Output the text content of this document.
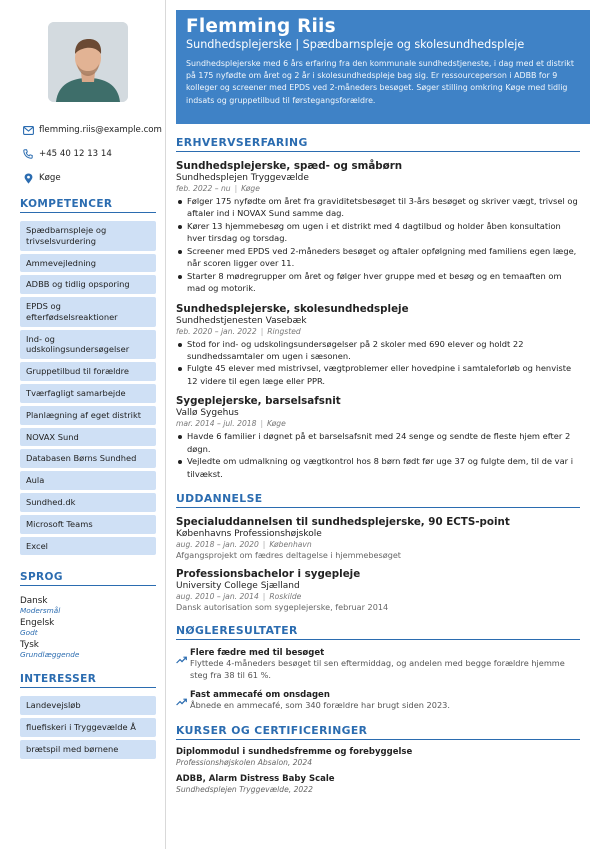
flemming.riis@example.com
+45 40 12 13 14
Køge
KOMPETENCER
Spædbarnspleje og trivselsvurdering
Ammevejledning
ADBB og tidlig opsporing
EPDS og efterfødselsreaktioner
Ind- og udskolingsundersøgelser
Gruppetilbud til forældre
Tværfagligt samarbejde
Planlægning af eget distrikt
NOVAX Sund
Databasen Børns Sundhed
Aula
Sundhed.dk
Microsoft Teams
Excel
SPROG
Dansk
Modersmål
Engelsk
Godt
Tysk
Grundlæggende
INTERESSER
Landevejsløb
fluefiskeri i Tryggevælde Å
brætspil med børnene
Flemming Riis
Sundhedsplejerske | Spædbarnspleje og skolesundhedspleje
Sundhedsplejerske med 6 års erfaring fra den kommunale sundhedstjeneste, i dag med et distrikt på 175 nyfødte om året og 2 år i skolesundhedspleje bag sig. Er ressourceperson i ADBB for 9 kolleger og screener med EPDS ved 2-måneders besøget. Søger stilling omkring Køge med tidlig indsats og gruppetilbud til førstegangsforældre.
ERHVERVSERFARING
Sundhedsplejerske, spæd- og småbørn
Sundhedsplejen Tryggevælde
feb. 2022 – nu | Køge
Følger 175 nyfødte om året fra graviditetsbesøget til 3-års besøget og skriver vægt, trivsel og aftaler ind i NOVAX Sund samme dag.
Kører 13 hjemmebesøg om ugen i et distrikt med 4 dagtilbud og holder åben konsultation hver tirsdag og torsdag.
Screener med EPDS ved 2-måneders besøget og aftaler opfølgning med familiens egen læge, når scoren ligger over 11.
Starter 8 mødregrupper om året og følger hver gruppe med et besøg og en temaaften om mad og motorik.
Sundhedsplejerske, skolesundhedspleje
Sundhedstjenesten Vasebæk
feb. 2020 – jan. 2022 | Ringsted
Stod for ind- og udskolingsundersøgelser på 2 skoler med 690 elever og holdt 22 sundhedssamtaler om ugen i sæsonen.
Fulgte 45 elever med mistrivsel, vægtproblemer eller hovedpine i samtaleforløb og henviste 12 videre til egen læge eller PPR.
Sygeplejerske, barselsafsnit
Vallø Sygehus
mar. 2014 – jul. 2018 | Køge
Havde 6 familier i døgnet på et barselsafsnit med 24 senge og sendte de fleste hjem efter 2 døgn.
Vejledte om udmalkning og vægtkontrol hos 8 børn født før uge 37 og fulgte dem, til de var i tilvækst.
UDDANNELSE
Specialuddannelsen til sundhedsplejerske, 90 ECTS-point
Københavns Professionshøjskole
aug. 2018 – jan. 2020 | København
Afgangsprojekt om fædres deltagelse i hjemmebesøget
Professionsbachelor i sygepleje
University College Sjælland
aug. 2010 – jan. 2014 | Roskilde
Dansk autorisation som sygeplejerske, februar 2014
NØGLERESULTATER
Flere fædre med til besøget
Flyttede 4-måneders besøget til sen eftermiddag, og andelen med begge forældre hjemme steg fra 38 til 61 %.
Fast ammecafé om onsdagen
Åbnede en ammecafé, som 340 forældre har brugt siden 2023.
KURSER OG CERTIFICERINGER
Diplommodul i sundhedsfremme og forebyggelse
Professionshøjskolen Absalon, 2024
ADBB, Alarm Distress Baby Scale
Sundhedsplejen Tryggevælde, 2022
